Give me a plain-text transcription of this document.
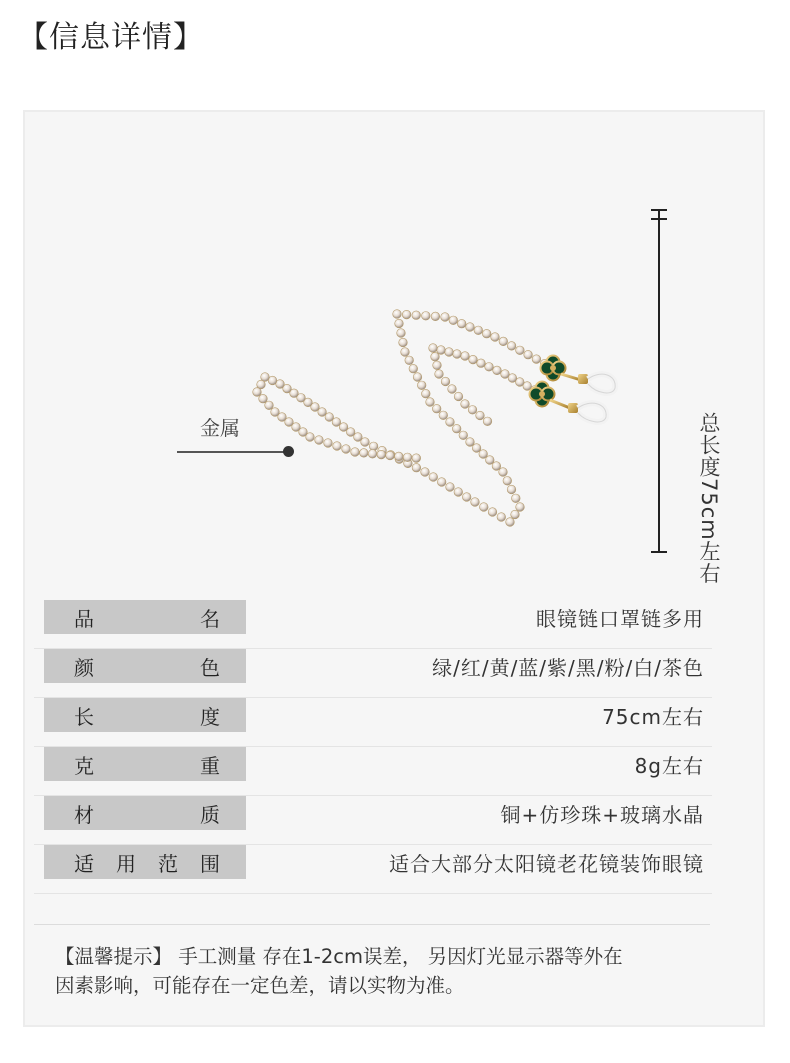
【信息详情】
金属	总长度75cm左右
品	名	眼镜链口罩链多用
颜	色	绿/红/黄/蓝/紫/黑/粉/白/茶色
长	度	75cm左右
克	重	8g左右
材	质	铜+仿珍珠+玻璃水晶
适 用 范 围	适合大部分太阳镜老花镜装饰眼镜
【温馨提示】 手工测量 存在1-2cm误差， 另因灯光显示器等外在
因素影响，可能存在一定色差，请以实物为准。
